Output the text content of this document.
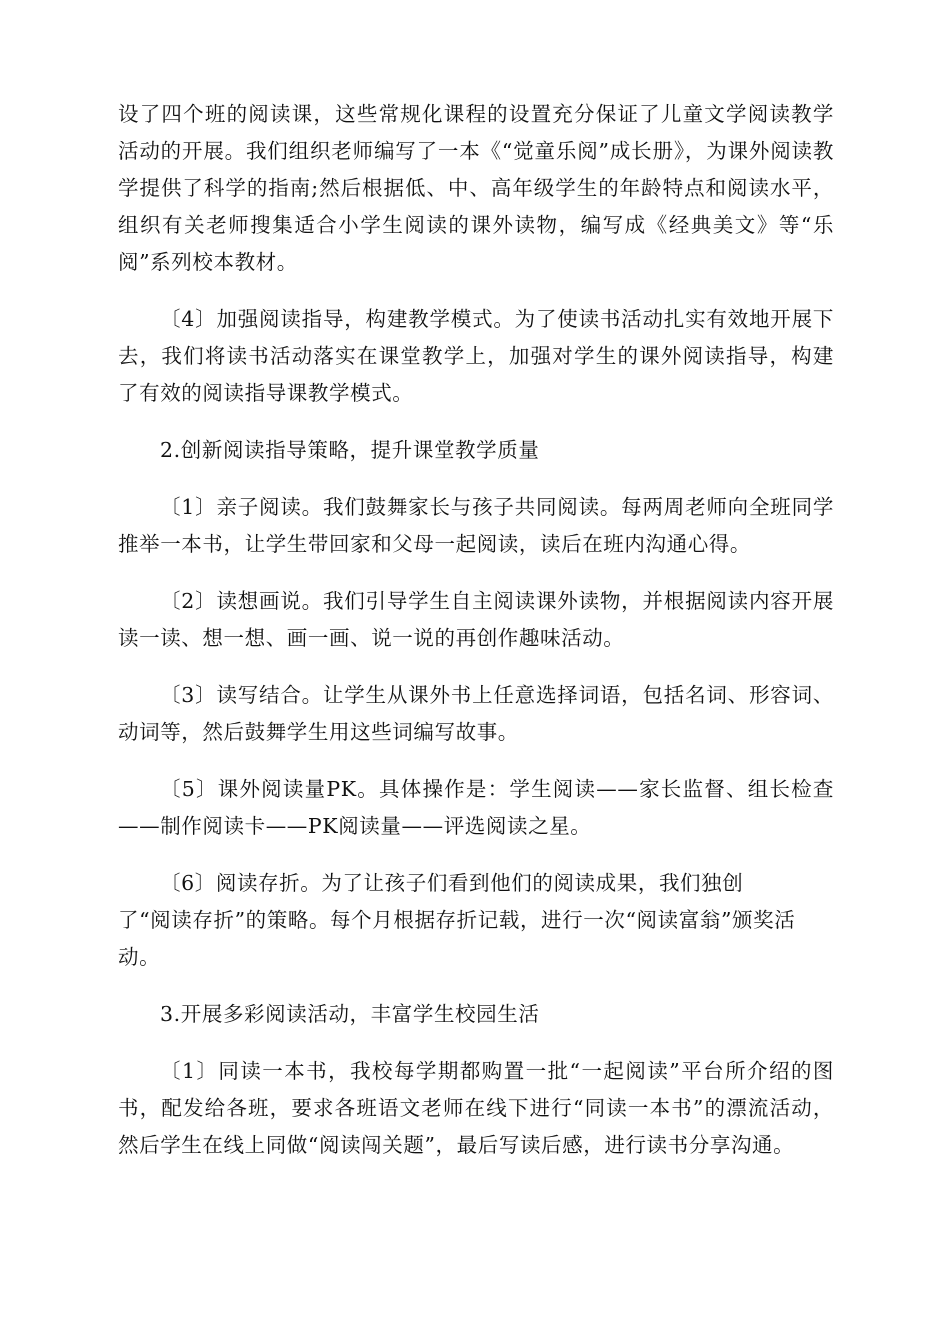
设了四个班的阅读课，这些常规化课程的设置充分保证了儿童文学阅读教学活动的开展。我们组织老师编写了一本《“觉童乐阅”成长册》，为课外阅读教学提供了科学的指南;然后根据低、中、高年级学生的年龄特点和阅读水平，组织有关老师搜集适合小学生阅读的课外读物，编写成《经典美文》等“乐阅”系列校本教材。

〔4〕加强阅读指导，构建教学模式。为了使读书活动扎实有效地开展下去，我们将读书活动落实在课堂教学上，加强对学生的课外阅读指导，构建了有效的阅读指导课教学模式。

2.创新阅读指导策略，提升课堂教学质量

〔1〕亲子阅读。我们鼓舞家长与孩子共同阅读。每两周老师向全班同学推举一本书，让学生带回家和父母一起阅读，读后在班内沟通心得。

〔2〕读想画说。我们引导学生自主阅读课外读物，并根据阅读内容开展读一读、想一想、画一画、说一说的再创作趣味活动。

〔3〕读写结合。让学生从课外书上任意选择词语，包括名词、形容词、动词等，然后鼓舞学生用这些词编写故事。

〔5〕课外阅读量PK。具体操作是：学生阅读——家长监督、组长检查——制作阅读卡——PK阅读量——评选阅读之星。

〔6〕阅读存折。为了让孩子们看到他们的阅读成果，我们独创
了“阅读存折”的策略。每个月根据存折记载，进行一次“阅读富翁”颁奖活动。

3.开展多彩阅读活动，丰富学生校园生活

〔1〕同读一本书，我校每学期都购置一批“一起阅读”平台所介绍的图书，配发给各班，要求各班语文老师在线下进行“同读一本书”的漂流活动，然后学生在线上同做“阅读闯关题”，最后写读后感，进行读书分享沟通。
